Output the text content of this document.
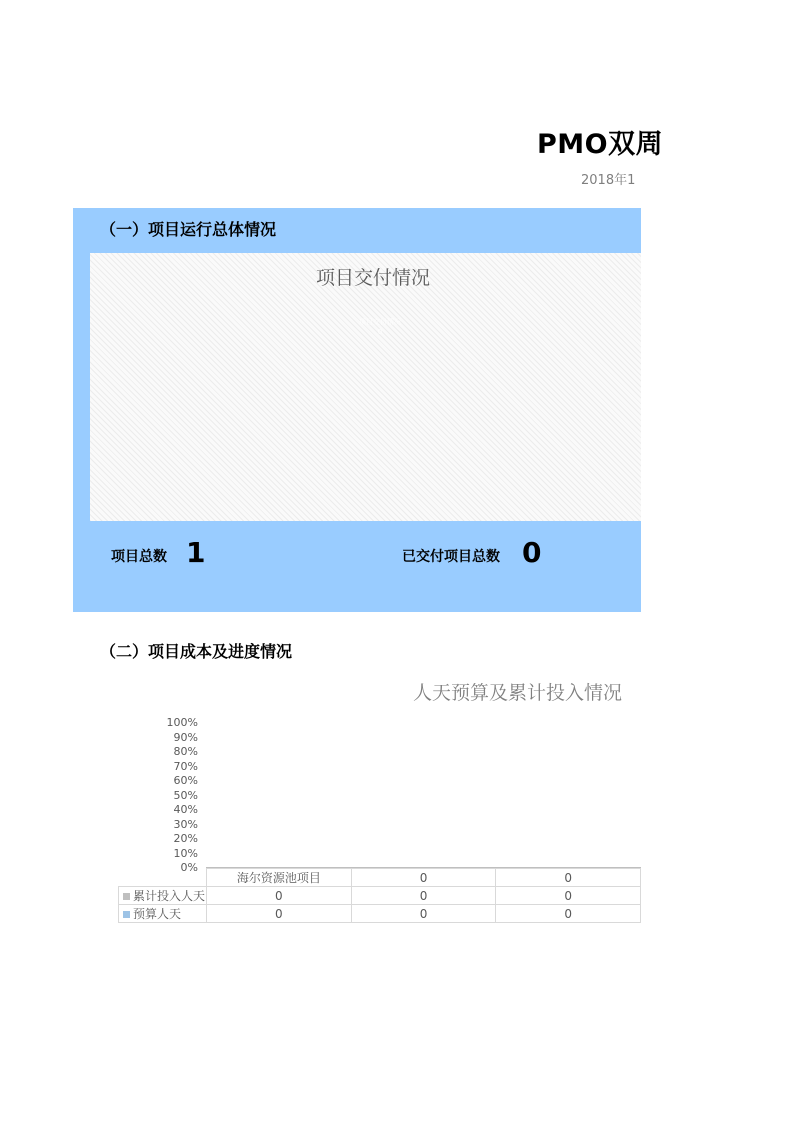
PMO双周
2018年1
（一）项目运行总体情况
项目交付情况
项目交付情况
0
项目总数 1	已交付项目总数 0
（二）项目成本及进度情况
人天预算及累计投入情况
100%
90%
80%
70%
60%
50%
40%
30%
20%
10%
0%
	海尔资源池项目	0	0
累计投入人天	0	0	0
预算人天	0	0	0
